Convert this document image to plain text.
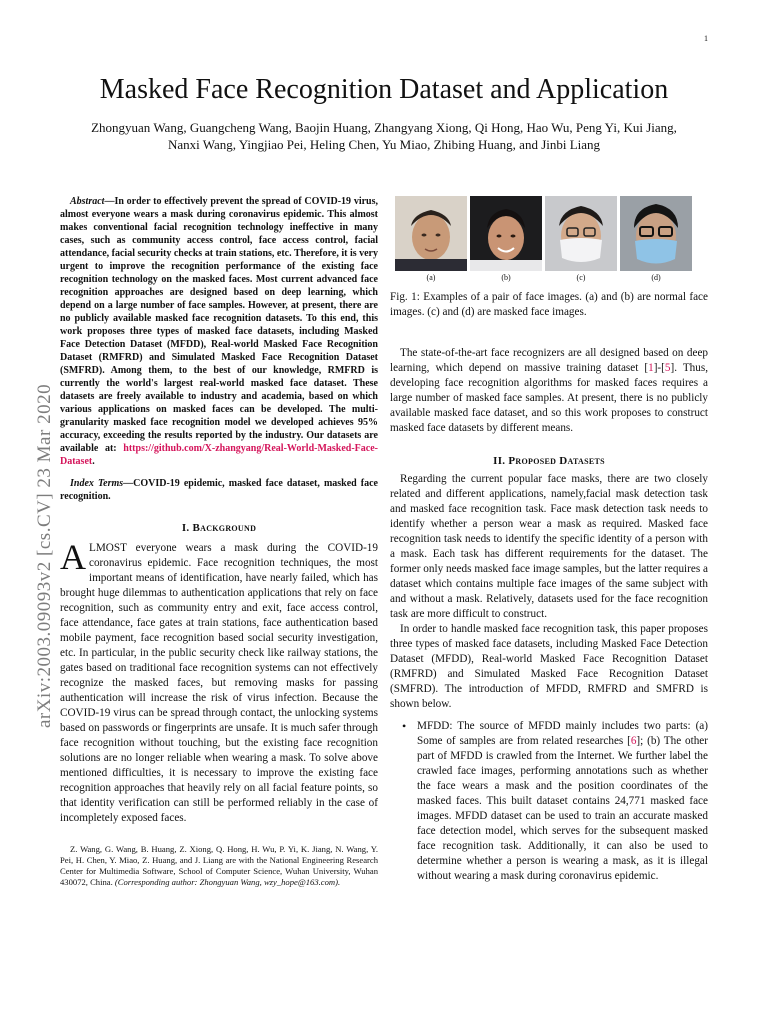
1
arXiv:2003.09093v2 [cs.CV] 23 Mar 2020
Masked Face Recognition Dataset and Application
Zhongyuan Wang, Guangcheng Wang, Baojin Huang, Zhangyang Xiong, Qi Hong, Hao Wu, Peng Yi, Kui Jiang,
Nanxi Wang, Yingjiao Pei, Heling Chen, Yu Miao, Zhibing Huang, and Jinbi Liang

Abstract—In order to effectively prevent the spread of COVID-19 virus, almost everyone wears a mask during coronavirus epidemic. This almost makes conventional facial recognition technology ineffective in many cases, such as community access control, face access control, facial attendance, facial security checks at train stations, etc. Therefore, it is very urgent to improve the recognition performance of the existing face recognition technology on the masked faces. Most current advanced face recognition approaches are designed based on deep learning, which depend on a large number of face samples. However, at present, there are no publicly available masked face recognition datasets. To this end, this work proposes three types of masked face datasets, including Masked Face Detection Dataset (MFDD), Real-world Masked Face Recognition Dataset (RMFRD) and Simulated Masked Face Recognition Dataset (SMFRD). Among them, to the best of our knowledge, RMFRD is currently the world's largest real-world masked face dataset. These datasets are freely available to industry and academia, based on which various applications on masked faces can be developed. The multi-granularity masked face recognition model we developed achieves 95% accuracy, exceeding the results reported by the industry. Our datasets are available at: https://github.com/X-zhangyang/Real-World-Masked-Face-Dataset.

Index Terms—COVID-19 epidemic, masked face dataset, masked face recognition.

I. Background

ALMOST everyone wears a mask during the COVID-19 coronavirus epidemic. Face recognition techniques, the most important means of identification, have nearly failed, which has brought huge dilemmas to authentication applications that rely on face recognition, such as community entry and exit, face access control, face attendance, face gates at train stations, face authentication based mobile payment, face recognition based social security investigation, etc. In particular, in the public security check like railway stations, the gates based on traditional face recognition systems can not effectively recognize the masked faces, but removing masks for passing authentication will increase the risk of virus infection. Because the COVID-19 virus can be spread through contact, the unlocking systems based on passwords or fingerprints are unsafe. It is much safer through face recognition without touching, but the existing face recognition solutions are no longer reliable when wearing a mask. To solve above mentioned difficulties, it is necessary to improve the existing face recognition approaches that heavily rely on all facial feature points, so that identity verification can still be performed reliably in the case of incompletely exposed faces.

Z. Wang, G. Wang, B. Huang, Z. Xiong, Q. Hong, H. Wu, P. Yi, K. Jiang, N. Wang, Y. Pei, H. Chen, Y. Miao, Z. Huang, and J. Liang are with the National Engineering Research Center for Multimedia Software, School of Computer Science, Wuhan University, Wuhan 430072, China. (Corresponding author: Zhongyuan Wang, wzy_hope@163.com).

(a)	(b)	(c)	(d)

Fig. 1: Examples of a pair of face images. (a) and (b) are normal face images. (c) and (d) are masked face images.

The state-of-the-art face recognizers are all designed based on deep learning, which depend on massive training dataset [1]-[5]. Thus, developing face recognition algorithms for masked faces requires a large number of masked face samples. At present, there is no publicly available masked face dataset, and so this work proposes to construct masked face datasets by different means.

II. Proposed Datasets

Regarding the current popular face masks, there are two closely related and different applications, namely,facial mask detection task and masked face recognition task. Face mask detection task needs to identify whether a person wear a mask as required. Masked face recognition task needs to identify the specific identity of a person with a mask. Each task has different requirements for the dataset. The former only needs masked face image samples, but the latter requires a dataset which contains multiple face images of the same subject with and without a mask. Relatively, datasets used for the face recognition task are more difficult to construct.

In order to handle masked face recognition task, this paper proposes three types of masked face datasets, including Masked Face Detection Dataset (MFDD), Real-world Masked Face Recognition Dataset (RMFRD) and Simulated Masked Face Recognition Dataset (SMFRD). The introduction of MFDD, RMFRD and SMFRD is shown below.

• MFDD: The source of MFDD mainly includes two parts: (a) Some of samples are from related researches [6]; (b) The other part of MFDD is crawled from the Internet. We further label the crawled face images, performing annotations such as whether the face wears a mask and the position coordinates of the masked faces. This built dataset contains 24,771 masked face images. MFDD dataset can be used to train an accurate masked face detection model, which serves for the subsequent masked face recognition task. Additionally, it can also be used to determine whether a person is wearing a mask, as it is illegal without wearing a mask during coronavirus epidemic.
